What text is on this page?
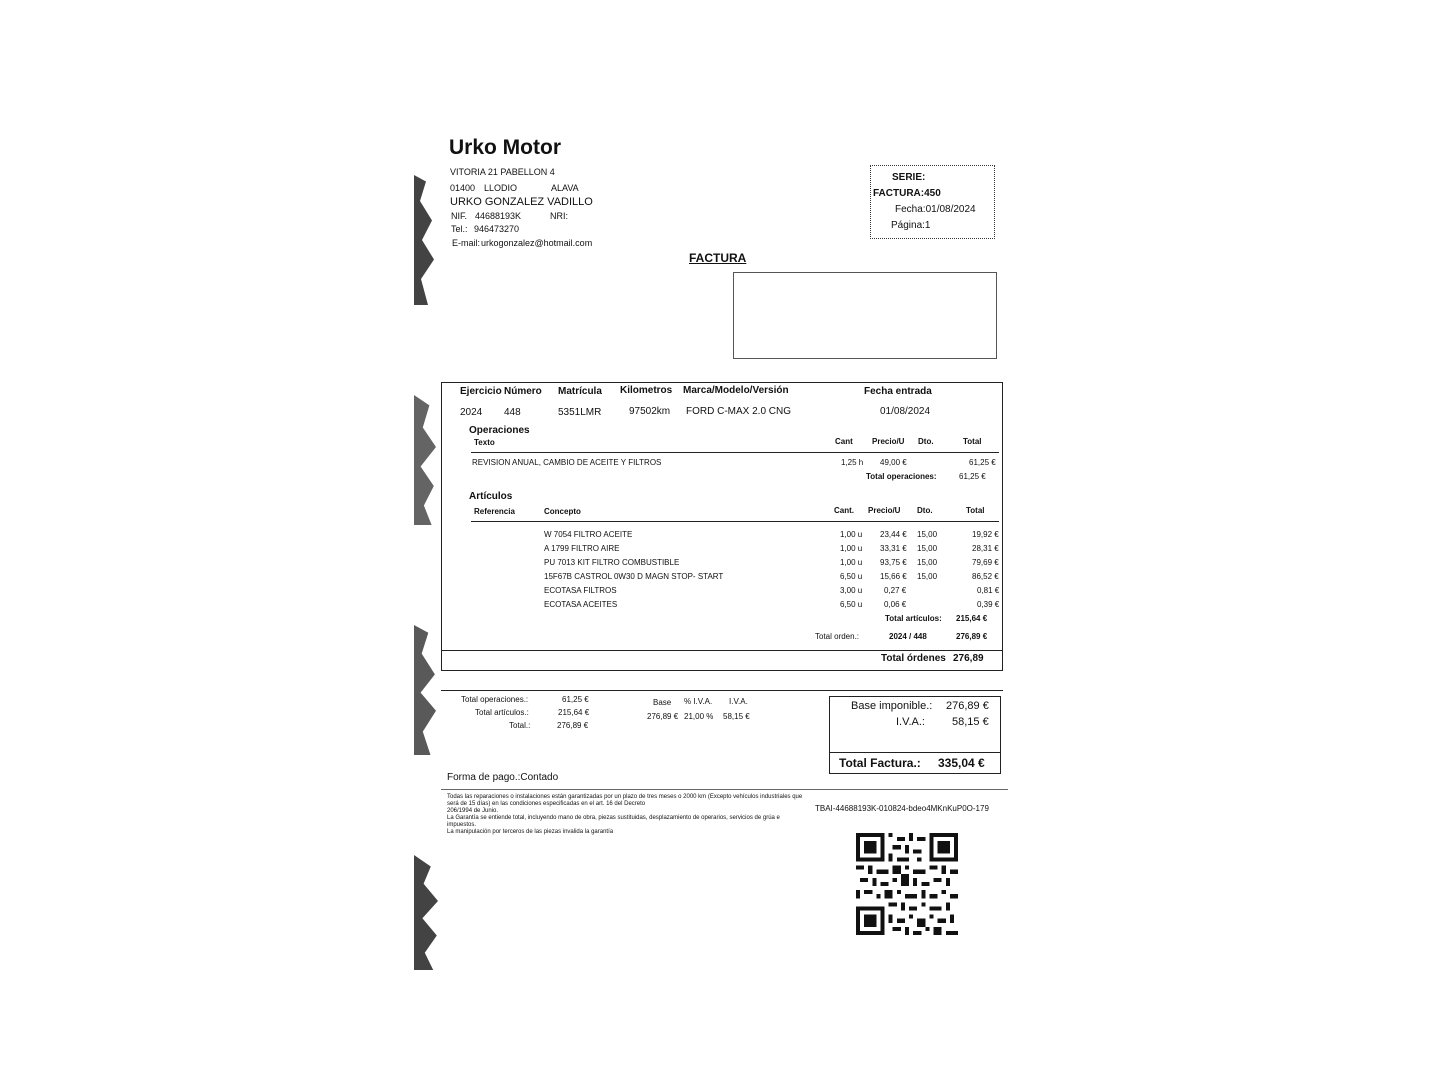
Urko Motor
VITORIA 21 PABELLON 4
01400 LLODIO	ALAVA
URKO GONZALEZ VADILLO
NIF. 44688193K	NRI:
Tel.: 946473270
E-mail: urkogonzalez@hotmail.com
SERIE:
FACTURA:450
Fecha:01/08/2024
Página:1
FACTURA
Ejercicio Número Matrícula Kilometros Marca/Modelo/Versión	Fecha entrada
2024 448	5351LMR	97502km FORD C-MAX 2.0 CNG	01/08/2024
Operaciones
Texto	Cant Precio/U Dto.	Total
REVISION ANUAL, CAMBIO DE ACEITE Y FILTROS	1,25 h 49,00 €	61,25 €
Total operaciones:	61,25 €
Artículos
Referencia	Concepto	Cant. Precio/U Dto.	Total
W 7054 FILTRO ACEITE	1,00 u 23,44 € 15,00	19,92 €
A 1799 FILTRO AIRE	1,00 u 33,31 € 15,00	28,31 €
PU 7013 KIT FILTRO COMBUSTIBLE	1,00 u 93,75 € 15,00	79,69 €
15F67B CASTROL 0W30 D MAGN STOP- START	6,50 u 15,66 € 15,00	86,52 €
ECOTASA FILTROS	3,00 u	0,27 €	0,81 €
ECOTASA ACEITES	6,50 u	0,06 €	0,39 €
Total artículos: 215,64 €
Total orden.:	2024 / 448	276,89 €
Total órdenes 276,89
Total operaciones.:	61,25 €
Total artículos.:	215,64 €
Total.:	276,89 €
Base % I.V.A. I.V.A.
276,89 € 21,00 % 58,15 €
Base imponible.: 276,89 €
I.V.A.: 58,15 €
Total Factura.: 335,04 €
Forma de pago.:Contado
Todas las reparaciones o instalaciones están garantizadas por un plazo de tres meses o 2000 km (Excepto vehículos industriales que
será de 15 días) en las condiciones especificadas en el art. 16 del Decreto
206/1994 de Junio.
La Garantía se entiende total, incluyendo mano de obra, piezas sustituidas, desplazamiento de operarios, servicios de grúa e
impuestos.
La manipulación por terceros de las piezas invalida la garantía
TBAI-44688193K-010824-bdeo4MKnKuP0O-179
